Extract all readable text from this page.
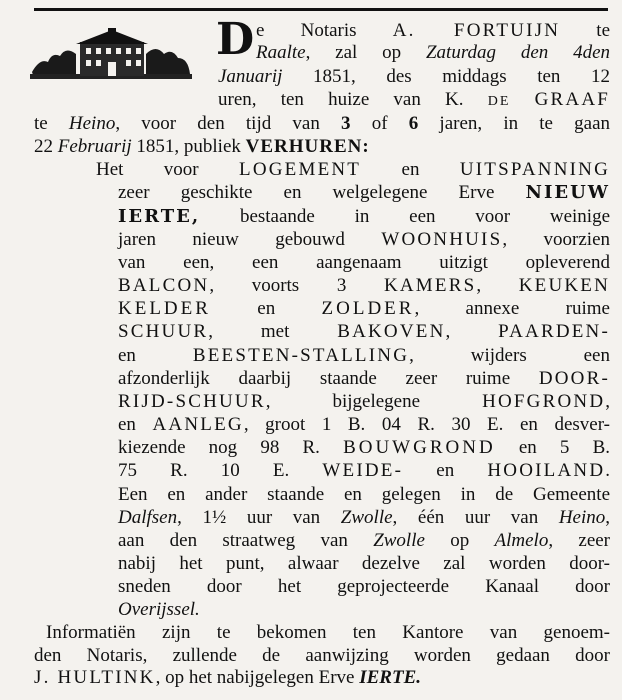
D e Notaris A. FORTUIJN te
Raalte, zal op Zaturdag den 4den
Januarij 1851, des middags ten 12
uren, ten huize van K. DE GRAAF
te Heino, voor den tijd van 3 of 6 jaren, in te gaan
22 Februarij 1851, publiek VERHUREN:
Het voor LOGEMENT en UITSPANNING
zeer geschikte en welgelegene Erve NIEUW
IERTE, bestaande in een voor weinige
jaren nieuw gebouwd WOONHUIS, voorzien
van een, een aangenaam uitzigt opleverend
BALCON, voorts 3 KAMERS, KEUKEN
KELDER en ZOLDER, annexe ruime
SCHUUR, met	BAKOVEN,	PAARDEN-
en	BEESTEN-STALLING, wijders een
afzonderlijk daarbij staande zeer ruime DOOR-
RIJD-SCHUUR, bijgelegene	HOFGROND,
en AANLEG, groot 1 B. 04 R. 30 E. en desver-
kiezende nog 98 R. BOUWGROND en 5 B.
75 R. 10 E. WEIDE- en HOOILAND.
Een en ander staande en gelegen in de Gemeente
Dalfsen, 1½ uur van Zwolle, één uur van Heino,
aan den straatweg van Zwolle op Almelo, zeer
nabij het punt, alwaar dezelve zal worden door-
sneden door het geprojecteerde Kanaal door
Overijssel.
Informatiën zijn te bekomen ten Kantore van genoem-
den Notaris, zullende de aanwijzing worden gedaan door
J. HULTINK, op het nabijgelegen Erve IERTE.
